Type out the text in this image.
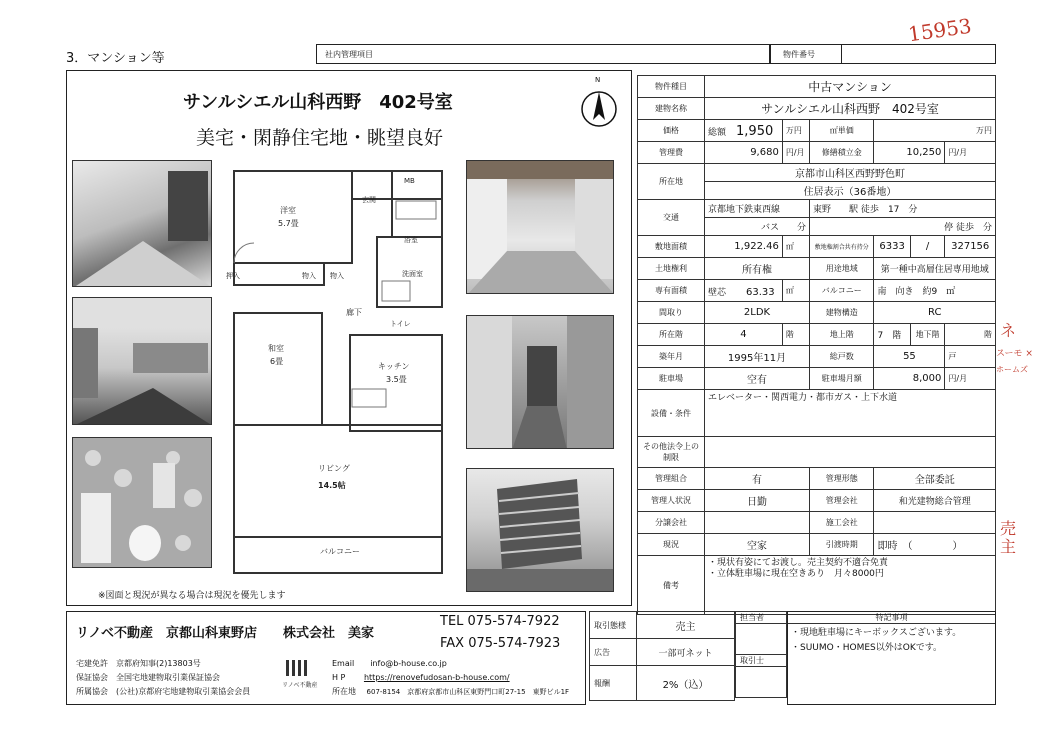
3．マンション等	社内管理項目	物件番号
15953
サンルシエル山科西野　402号室
美宅・閑静住宅地・眺望良好
N
洋室
5.7畳
玄関
MB
浴室
洗面室
押入	物入 物入
廊下
トイレ
和室
6畳
キッチン
3.5畳
リビング
14.5帖
バルコニー
※図面と現況が異なる場合は現況を優先します
物件種目	中古マンション					
建物名称	サンルシエル山科西野　402号室					
価格	総額　 1,950	万円	㎡単価	万円		
管理費	9,680	円/月	修繕積立金	10,250		円/月
所在地	京都市山科区西野野色町					
	住居表示（36番地）					
交通	京都地下鉄東西線		東野　　 駅 徒歩　 17　 分			
	バス　　 分		停 徒歩　 分			
敷地面積	1,922.46	㎡	敷地権割合共有持分	6333	/	327156
土地権利	所有権		用途地域	第一種中高層住居専用地域		
専有面積	壁芯　　 63.33	㎡	バルコニー	南　 向き　 約9　 ㎡		
間取り	2LDK		建物構造	RC		
所在階	4	階	地上階	7　 階	地下階	階
築年月	1995年11月		総戸数	55		戸
駐車場	空有		駐車場月額	8,000		円/月
設備・条件	エレベーター・関西電力・都市ガス・上下水道					
その他法令上の制限						
管理組合	有		管理形態	全部委託		
管理人状況	日勤		管理会社	和光建物総合管理		
分譲会社			施工会社			
現況	空家		引渡時期	即時　 （　　　　）		
備考	・現状有姿にてお渡し。売主契約不適合免責
・立体駐車場に現在空きあり　月々8000円					
ネ
スーモ ×
ホームズ
売主
リノベ不動産　京都山科東野店　　株式会社　美家
TEL 075-574-7922
FAX 075-574-7923
宅建免許　 京都府知事(2)13803号
保証協会　 全国宅地建物取引業保証協会
所属協会　 (公社)京都府宅地建物取引業協会会員
リノベ不動産
Email　　 info@b-house.co.jp
H P　　 https://renovefudosan-b-house.com/
所在地　 607-8154　京都府京都市山科区東野門口町27-15　東野ビル1F
取引態様	売主
広告	一部可ネット
報酬	2%（込）
担当者

取引士

特記事項
・現地駐車場にキーボックスございます。
・SUUMO・HOMES以外はOKです。
